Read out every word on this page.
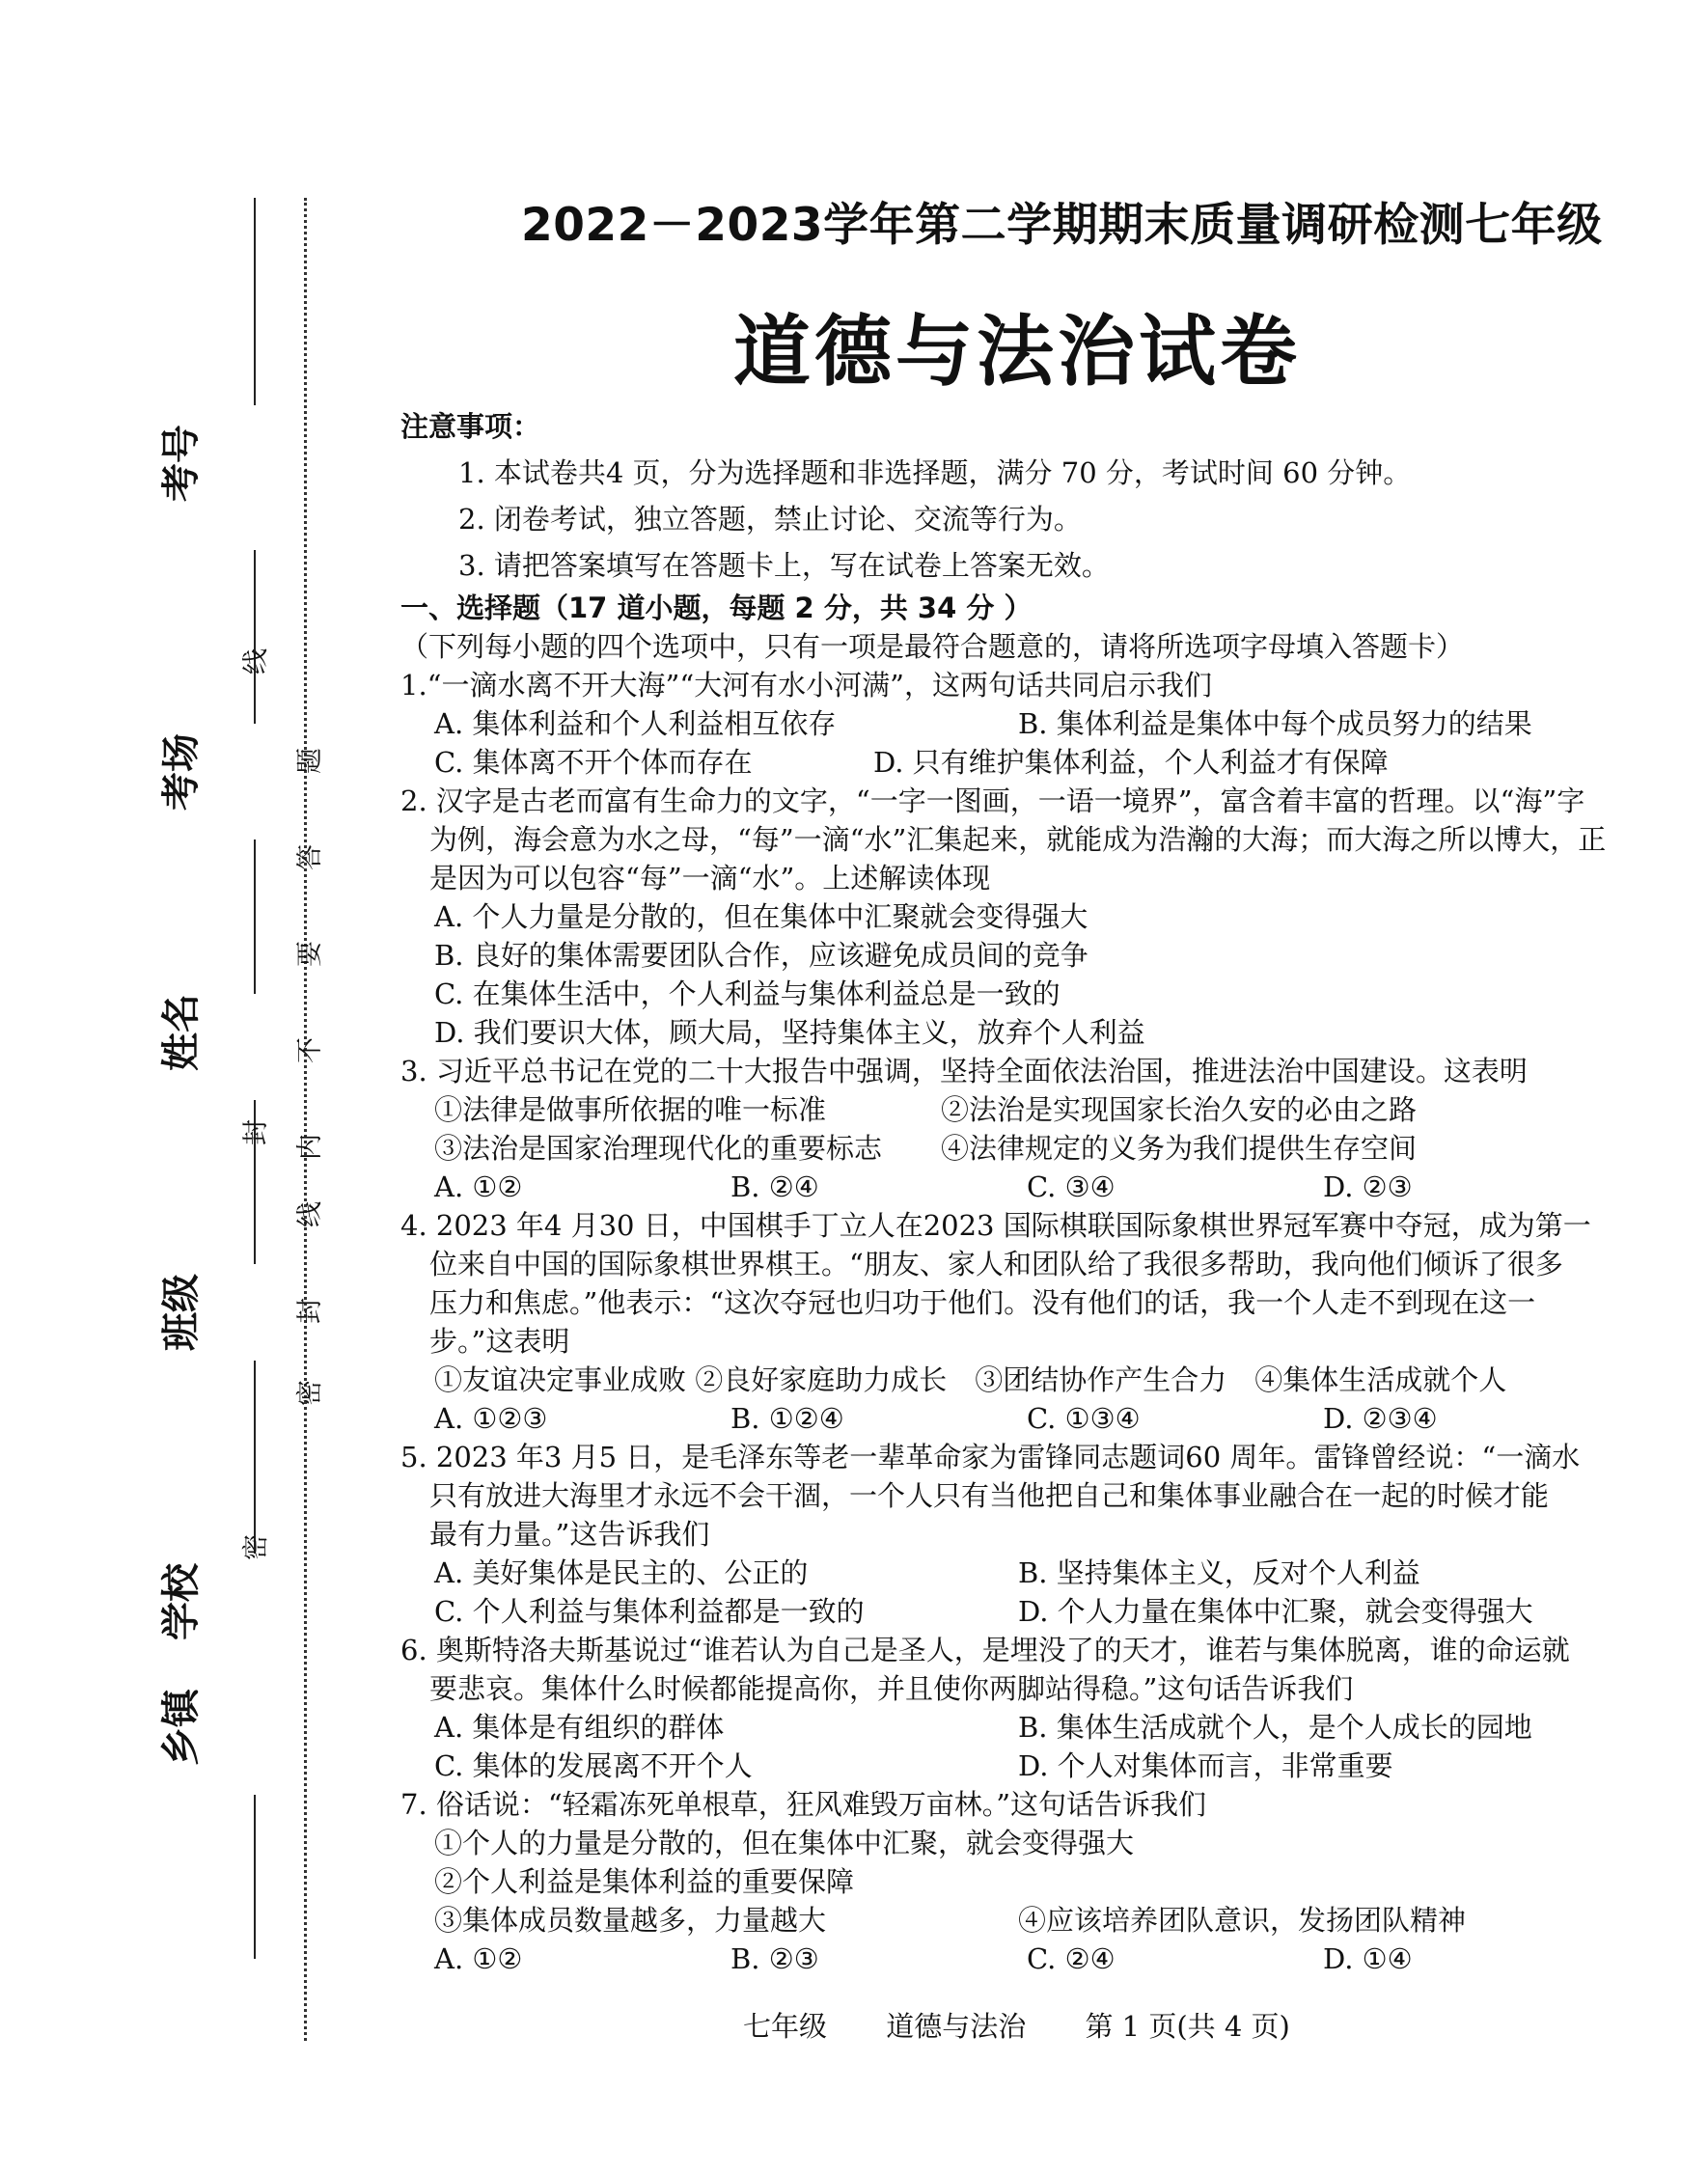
考号
考场
姓名
班级
学校
乡镇
线
封
密
题
答
要
不
内
线
封
密
2022－2023学年第二学期期末质量调研检测七年级
道德与法治试卷
注意事项：
1. 本试卷共4 页，分为选择题和非选择题，满分 70 分，考试时间 60 分钟。
2. 闭卷考试，独立答题，禁止讨论、交流等行为。
3. 请把答案填写在答题卡上，写在试卷上答案无效。
一、选择题（17 道小题，每题 2 分，共 34 分 ）
（下列每小题的四个选项中，只有一项是最符合题意的，请将所选项字母填入答题卡）
1.“一滴水离不开大海”“大河有水小河满”，这两句话共同启示我们
A. 集体利益和个人利益相互依存	B. 集体利益是集体中每个成员努力的结果
C. 集体离不开个体而存在	D. 只有维护集体利益，个人利益才有保障
2. 汉字是古老而富有生命力的文字，“一字一图画，一语一境界”，富含着丰富的哲理。以“海”字
为例，海会意为水之母，“每”一滴“水”汇集起来，就能成为浩瀚的大海；而大海之所以博大，正
是因为可以包容“每”一滴“水”。上述解读体现
A. 个人力量是分散的，但在集体中汇聚就会变得强大
B. 良好的集体需要团队合作，应该避免成员间的竞争
C. 在集体生活中，个人利益与集体利益总是一致的
D. 我们要识大体，顾大局，坚持集体主义，放弃个人利益
3. 习近平总书记在党的二十大报告中强调，坚持全面依法治国，推进法治中国建设。这表明
①法律是做事所依据的唯一标准	②法治是实现国家长治久安的必由之路
③法治是国家治理现代化的重要标志	④法律规定的义务为我们提供生存空间
A. ①②	B. ②④	C. ③④	D. ②③
4. 2023 年4 月30 日，中国棋手丁立人在2023 国际棋联国际象棋世界冠军赛中夺冠，成为第一
位来自中国的国际象棋世界棋王。“朋友、家人和团队给了我很多帮助，我向他们倾诉了很多
压力和焦虑。”他表示：“这次夺冠也归功于他们。没有他们的话，我一个人走不到现在这一
步。”这表明
①友谊决定事业成败 ②良好家庭助力成长　③团结协作产生合力　④集体生活成就个人
A. ①②③	B. ①②④	C. ①③④	D. ②③④
5. 2023 年3 月5 日，是毛泽东等老一辈革命家为雷锋同志题词60 周年。雷锋曾经说：“一滴水
只有放进大海里才永远不会干涸，一个人只有当他把自己和集体事业融合在一起的时候才能
最有力量。”这告诉我们
A. 美好集体是民主的、公正的	B. 坚持集体主义，反对个人利益
C. 个人利益与集体利益都是一致的	D. 个人力量在集体中汇聚，就会变得强大
6. 奥斯特洛夫斯基说过“谁若认为自己是圣人，是埋没了的天才，谁若与集体脱离，谁的命运就
要悲哀。集体什么时候都能提高你，并且使你两脚站得稳。”这句话告诉我们
A. 集体是有组织的群体	B. 集体生活成就个人，是个人成长的园地
C. 集体的发展离不开个人	D. 个人对集体而言，非常重要
7. 俗话说：“轻霜冻死单根草，狂风难毁万亩林。”这句话告诉我们
①个人的力量是分散的，但在集体中汇聚，就会变得强大
②个人利益是集体利益的重要保障
③集体成员数量越多，力量越大	④应该培养团队意识，发扬团队精神
A. ①②	B. ②③	C. ②④	D. ①④
七年级 道德与法治 第 1 页(共 4 页)
